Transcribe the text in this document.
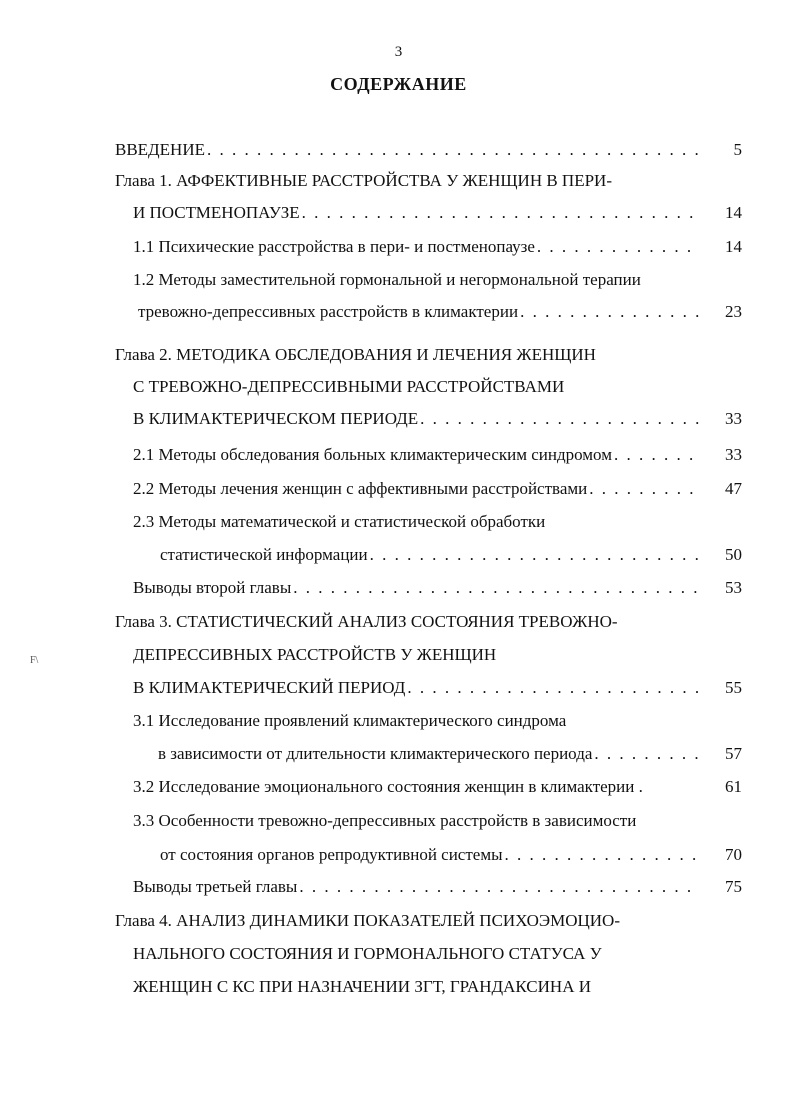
3
СОДЕРЖАНИЕ
ВВЕДЕНИЕ . . .	5
Глава 1. АФФЕКТИВНЫЕ РАССТРОЙСТВА У ЖЕНЩИН В ПЕРИ-
И ПОСТМЕНОПАУЗЕ . . .	14
1.1 Психические расстройства в пери- и постменопаузе . . .	14
1.2 Методы заместительной гормональной и негормональной терапии
тревожно-депрессивных расстройств в климактерии . . .	23
Глава 2. МЕТОДИКА ОБСЛЕДОВАНИЯ И ЛЕЧЕНИЯ ЖЕНЩИН
С ТРЕВОЖНО-ДЕПРЕССИВНЫМИ РАССТРОЙСТВАМИ
В КЛИМАКТЕРИЧЕСКОМ ПЕРИОДЕ . . .	33
2.1 Методы обследования больных климактерическим синдромом . . .	33
2.2 Методы лечения женщин с аффективными расстройствами . . .	47
2.3 Методы математической и статистической обработки
статистической информации . . .	50
Выводы второй главы . . .	53
Глава 3. СТАТИСТИЧЕСКИЙ АНАЛИЗ СОСТОЯНИЯ ТРЕВОЖНО-
ДЕПРЕССИВНЫХ РАССТРОЙСТВ У ЖЕНЩИН
В КЛИМАКТЕРИЧЕСКИЙ ПЕРИОД . . .	55
3.1 Исследование проявлений климактерического синдрома
в зависимости от длительности климактерического периода . . .	57
3.2 Исследование эмоционального состояния женщин в климактерии .	61
3.3 Особенности тревожно-депрессивных расстройств в зависимости
от состояния органов репродуктивной системы . . .	70
Выводы третьей главы . . .	75
Глава 4. АНАЛИЗ ДИНАМИКИ ПОКАЗАТЕЛЕЙ ПСИХОЭМОЦИО-
НАЛЬНОГО СОСТОЯНИЯ И ГОРМОНАЛЬНОГО СТАТУСА У
ЖЕНЩИН С КС ПРИ НАЗНАЧЕНИИ ЗГТ, ГРАНДАКСИНА И
F\
